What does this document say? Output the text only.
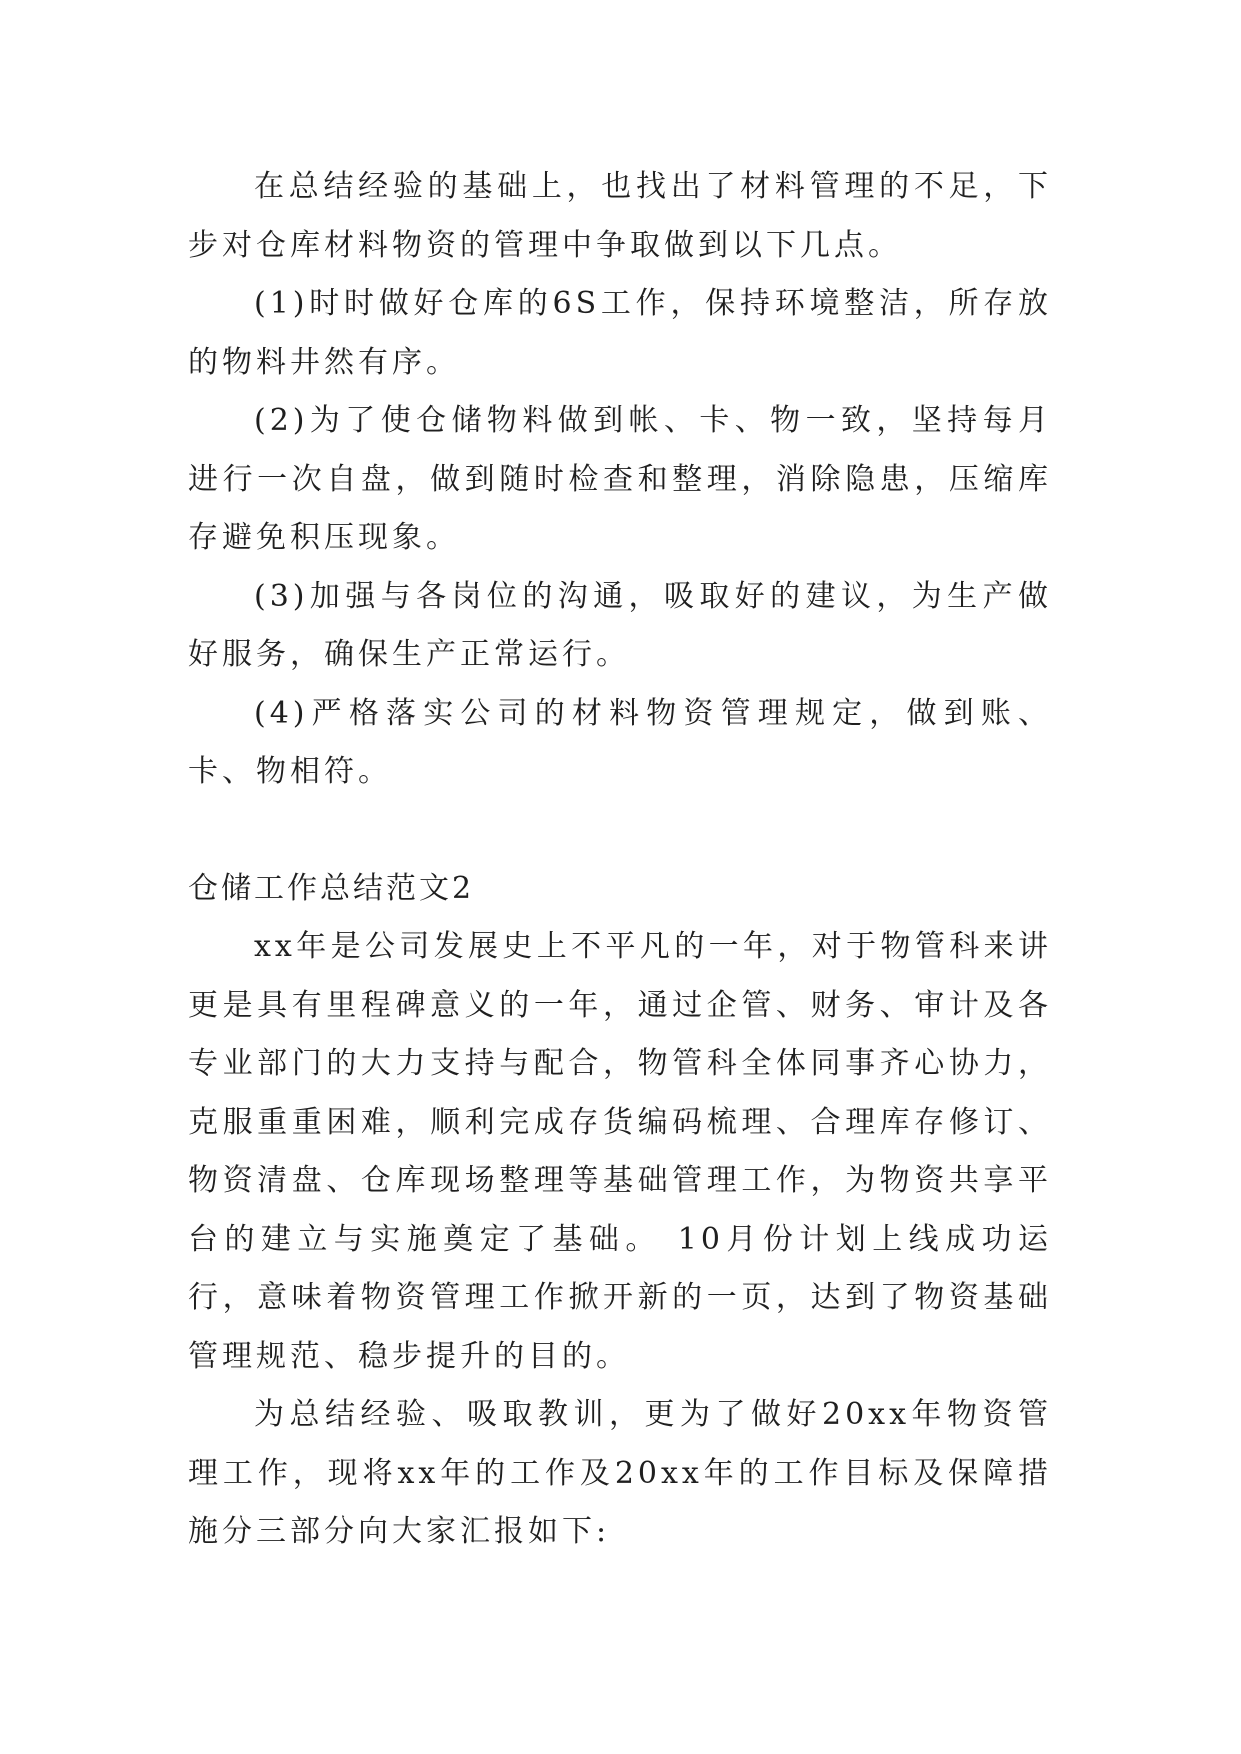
在总结经验的基础上，也找出了材料管理的不足，下步对仓库材料物资的管理中争取做到以下几点。

(1)时时做好仓库的6S工作，保持环境整洁，所存放的物料井然有序。

(2)为了使仓储物料做到帐、卡、物一致，坚持每月进行一次自盘，做到随时检查和整理，消除隐患，压缩库存避免积压现象。

(3)加强与各岗位的沟通，吸取好的建议，为生产做好服务，确保生产正常运行。

(4)严格落实公司的材料物资管理规定，做到账、卡、物相符。

仓储工作总结范文2

xx年是公司发展史上不平凡的一年，对于物管科来讲更是具有里程碑意义的一年，通过企管、财务、审计及各专业部门的大力支持与配合，物管科全体同事齐心协力，克服重重困难，顺利完成存货编码梳理、合理库存修订、物资清盘、仓库现场整理等基础管理工作，为物资共享平台的建立与实施奠定了基础。 10月份计划上线成功运行，意味着物资管理工作掀开新的一页，达到了物资基础管理规范、稳步提升的目的。

为总结经验、吸取教训，更为了做好20xx年物资管理工作，现将xx年的工作及20xx年的工作目标及保障措施分三部分向大家汇报如下:
